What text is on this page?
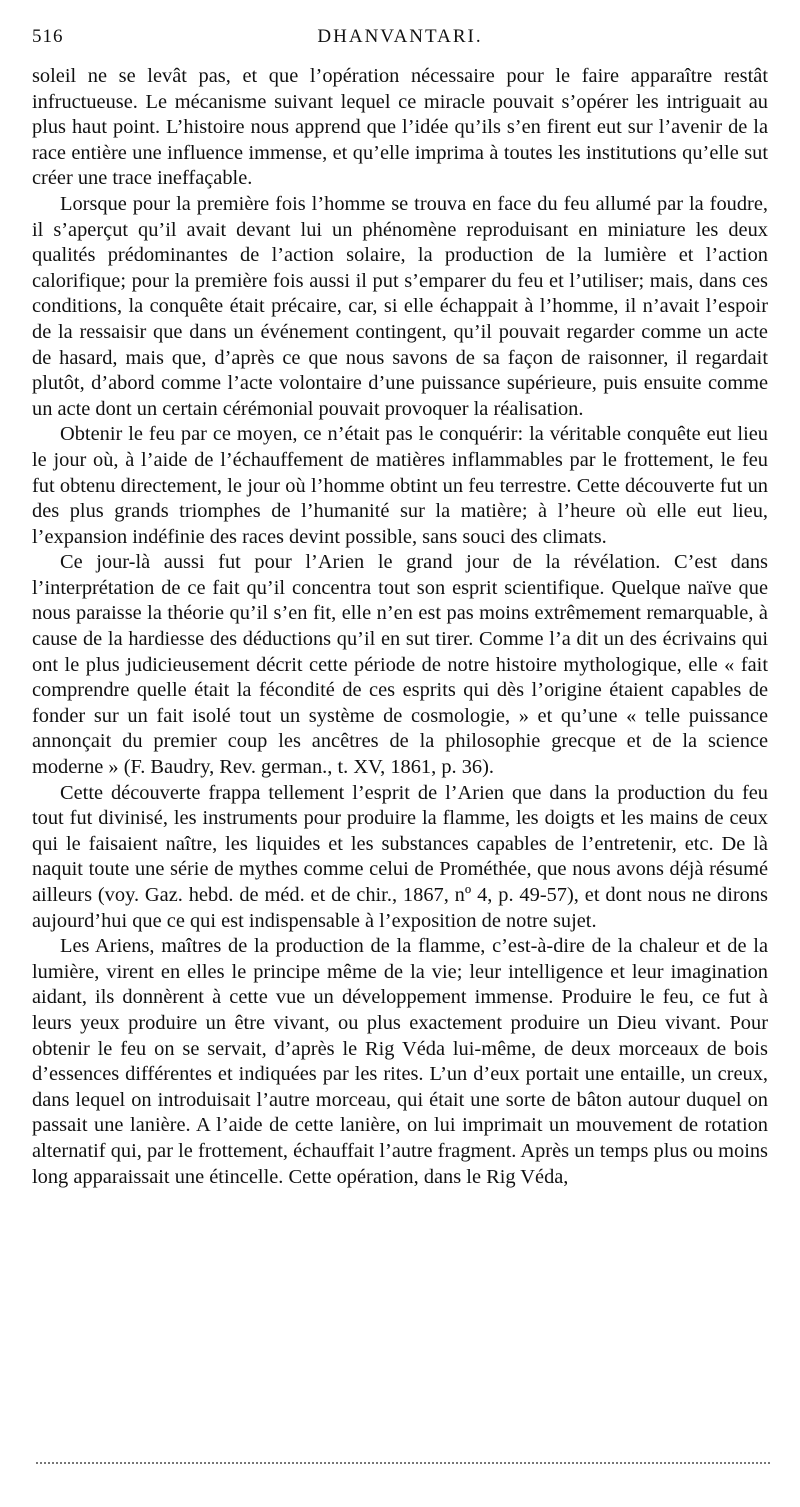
516	DHANVANTARI.

soleil ne se levât pas, et que l’opération nécessaire pour le faire apparaître restât infructueuse. Le mécanisme suivant lequel ce miracle pouvait s’opérer les intriguait au plus haut point. L’histoire nous apprend que l’idée qu’ils s’en firent eut sur l’avenir de la race entière une influence immense, et qu’elle imprima à toutes les institutions qu’elle sut créer une trace ineffaçable.

Lorsque pour la première fois l’homme se trouva en face du feu allumé par la foudre, il s’aperçut qu’il avait devant lui un phénomène reproduisant en miniature les deux qualités prédominantes de l’action solaire, la production de la lumière et l’action calorifique; pour la première fois aussi il put s’emparer du feu et l’utiliser; mais, dans ces conditions, la conquête était précaire, car, si elle échappait à l’homme, il n’avait l’espoir de la ressaisir que dans un événement contingent, qu’il pouvait regarder comme un acte de hasard, mais que, d’après ce que nous savons de sa façon de raisonner, il regardait plutôt, d’abord comme l’acte volontaire d’une puissance supérieure, puis ensuite comme un acte dont un certain cérémonial pouvait provoquer la réalisation.

Obtenir le feu par ce moyen, ce n’était pas le conquérir: la véritable conquête eut lieu le jour où, à l’aide de l’échauffement de matières inflammables par le frottement, le feu fut obtenu directement, le jour où l’homme obtint un feu terrestre. Cette découverte fut un des plus grands triomphes de l’humanité sur la matière; à l’heure où elle eut lieu, l’expansion indéfinie des races devint possible, sans souci des climats.

Ce jour-là aussi fut pour l’Arien le grand jour de la révélation. C’est dans l’interprétation de ce fait qu’il concentra tout son esprit scientifique. Quelque naïve que nous paraisse la théorie qu’il s’en fit, elle n’en est pas moins extrêmement remarquable, à cause de la hardiesse des déductions qu’il en sut tirer. Comme l’a dit un des écrivains qui ont le plus judicieusement décrit cette période de notre histoire mythologique, elle « fait comprendre quelle était la fécondité de ces esprits qui dès l’origine étaient capables de fonder sur un fait isolé tout un système de cosmologie, » et qu’une « telle puissance annonçait du premier coup les ancêtres de la philosophie grecque et de la science moderne » (F. Baudry, Rev. german., t. XV, 1861, p. 36).

Cette découverte frappa tellement l’esprit de l’Arien que dans la production du feu tout fut divinisé, les instruments pour produire la flamme, les doigts et les mains de ceux qui le faisaient naître, les liquides et les substances capables de l’entretenir, etc. De là naquit toute une série de mythes comme celui de Prométhée, que nous avons déjà résumé ailleurs (voy. Gaz. hebd. de méd. et de chir., 1867, nº 4, p. 49-57), et dont nous ne dirons aujourd’hui que ce qui est indispensable à l’exposition de notre sujet.

Les Ariens, maîtres de la production de la flamme, c’est-à-dire de la chaleur et de la lumière, virent en elles le principe même de la vie; leur intelligence et leur imagination aidant, ils donnèrent à cette vue un développement immense. Produire le feu, ce fut à leurs yeux produire un être vivant, ou plus exactement produire un Dieu vivant. Pour obtenir le feu on se servait, d’après le Rig Véda lui-même, de deux morceaux de bois d’essences différentes et indiquées par les rites. L’un d’eux portait une entaille, un creux, dans lequel on introduisait l’autre morceau, qui était une sorte de bâton autour duquel on passait une lanière. A l’aide de cette lanière, on lui imprimait un mouvement de rotation alternatif qui, par le frottement, échauffait l’autre fragment. Après un temps plus ou moins long apparaissait une étincelle. Cette opération, dans le Rig Véda,
